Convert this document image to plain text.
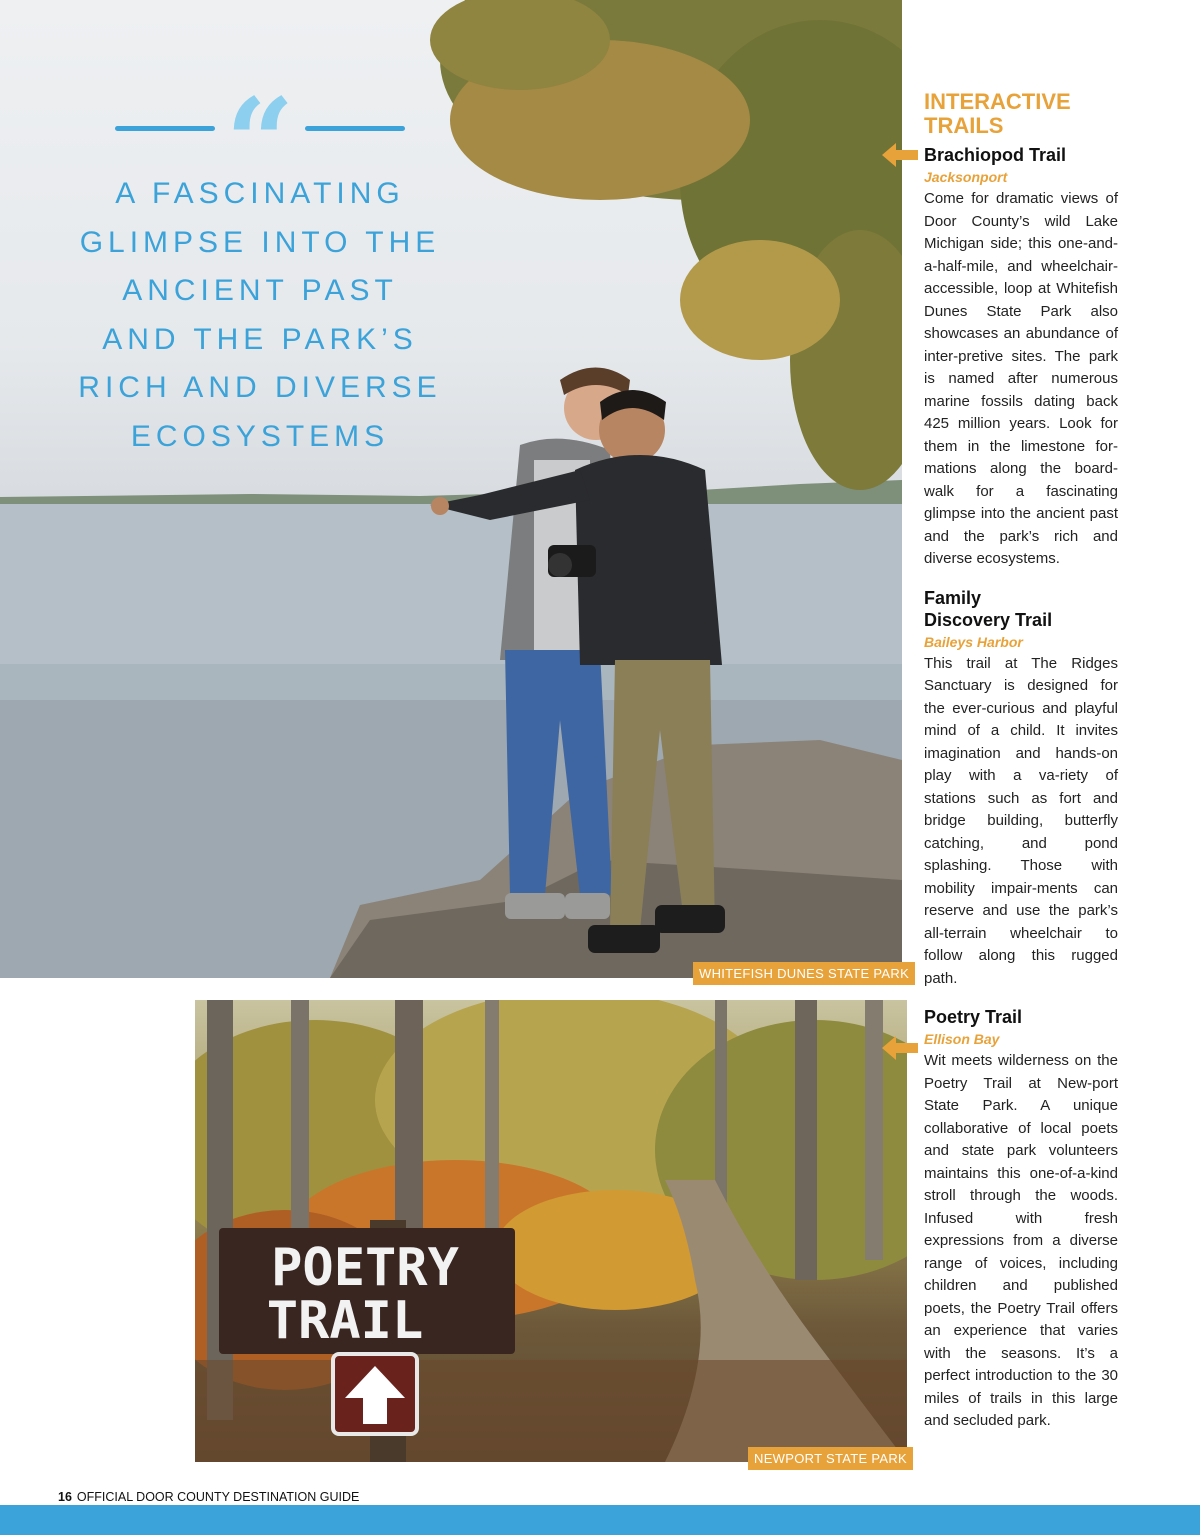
“
A FASCINATING
GLIMPSE INTO THE
ANCIENT PAST
AND THE PARK’S
RICH AND DIVERSE
ECOSYSTEMS
WHITEFISH DUNES STATE PARK
POETRY
TRAIL
NEWPORT STATE PARK
INTERACTIVE
TRAILS
Brachiopod Trail
Jacksonport

Come for dramatic views of Door County’s wild Lake Michigan side; this one-and-a-half-mile, and wheelchair-accessible, loop at Whitefish Dunes State Park also showcases an abundance of inter-pretive sites. The park is named after numerous marine fossils dating back 425 million years. Look for them in the limestone for-mations along the board-walk for a fascinating glimpse into the ancient past and the park’s rich and diverse ecosystems.

Family
Discovery Trail
Baileys Harbor

This trail at The Ridges Sanctuary is designed for the ever-curious and playful mind of a child. It invites imagination and hands-on play with a va-riety of stations such as fort and bridge building, butterfly catching, and pond splashing. Those with mobility impair-ments can reserve and use the park’s all-terrain wheelchair to follow along this rugged path.

Poetry Trail
Ellison Bay

Wit meets wilderness on the Poetry Trail at New-port State Park. A unique collaborative of local poets and state park volunteers maintains this one-of-a-kind stroll through the woods. Infused with fresh expressions from a diverse range of voices, including children and published poets, the Poetry Trail offers an experience that varies with the seasons. It’s a perfect introduction to the 30 miles of trails in this large and secluded park.

16 OFFICIAL DOOR COUNTY DESTINATION GUIDE
